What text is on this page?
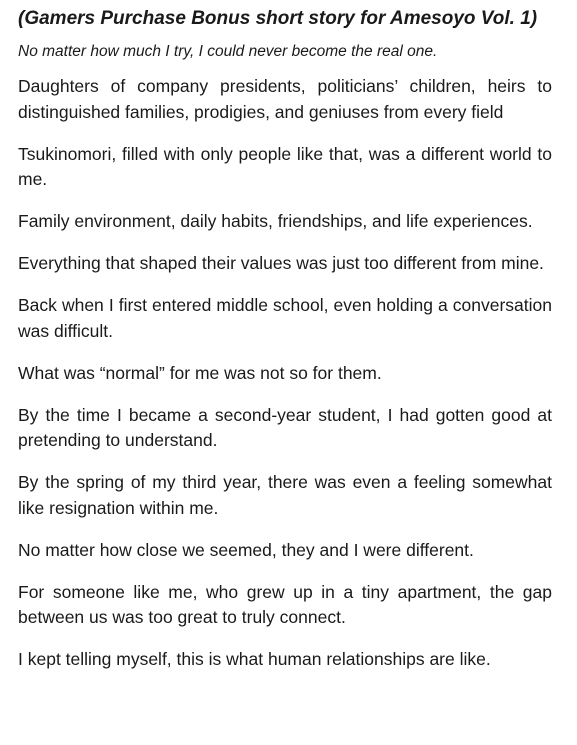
(Gamers Purchase Bonus short story for Amesoyo Vol. 1)
No matter how much I try, I could never become the real one.

Daughters of company presidents, politicians’ children, heirs to distinguished families, prodigies, and geniuses from every field

Tsukinomori, filled with only people like that, was a different world to me.

Family environment, daily habits, friendships, and life experiences.

Everything that shaped their values was just too different from mine.

Back when I first entered middle school, even holding a conversation was difficult.

What was “normal” for me was not so for them.

By the time I became a second-year student, I had gotten good at pretending to understand.

By the spring of my third year, there was even a feeling somewhat like resignation within me.

No matter how close we seemed, they and I were different.

For someone like me, who grew up in a tiny apartment, the gap between us was too great to truly connect.

I kept telling myself, this is what human relationships are like.
